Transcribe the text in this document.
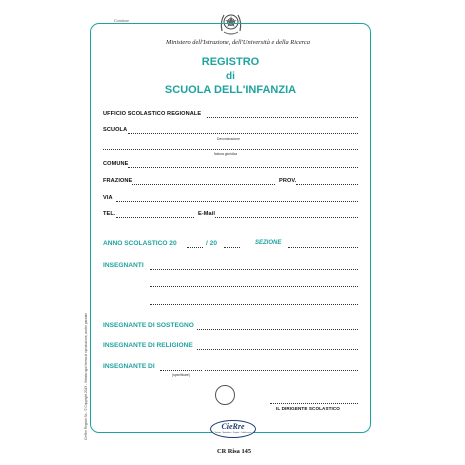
Contitore
Ministero dell'Istruzione, dell'Università e della Ricerca
REGISTRO
di
SCUOLA DELL'INFANZIA
UFFICIO SCOLASTICO REGIONALE
SCUOLA
Denominazione
Natura giuridica
COMUNE
FRAZIONE	PROV.
VIA
TEL.	E-Mail
ANNO SCOLASTICO 20	/ 20	SEZIONE
INSEGNANTI
INSEGNANTE DI SOSTEGNO
INSEGNANTE DI RELIGIONE
INSEGNANTE DI
(specificare)
IL DIRIGENTE SCOLASTICO
CieRre Registri Srl - © Copyright 2013 - Vietata ogni forma di riproduzione, anche parziale	CieRre
Stampa · Modulistica · Registri · Pubblicazioni
CR Risa 145
